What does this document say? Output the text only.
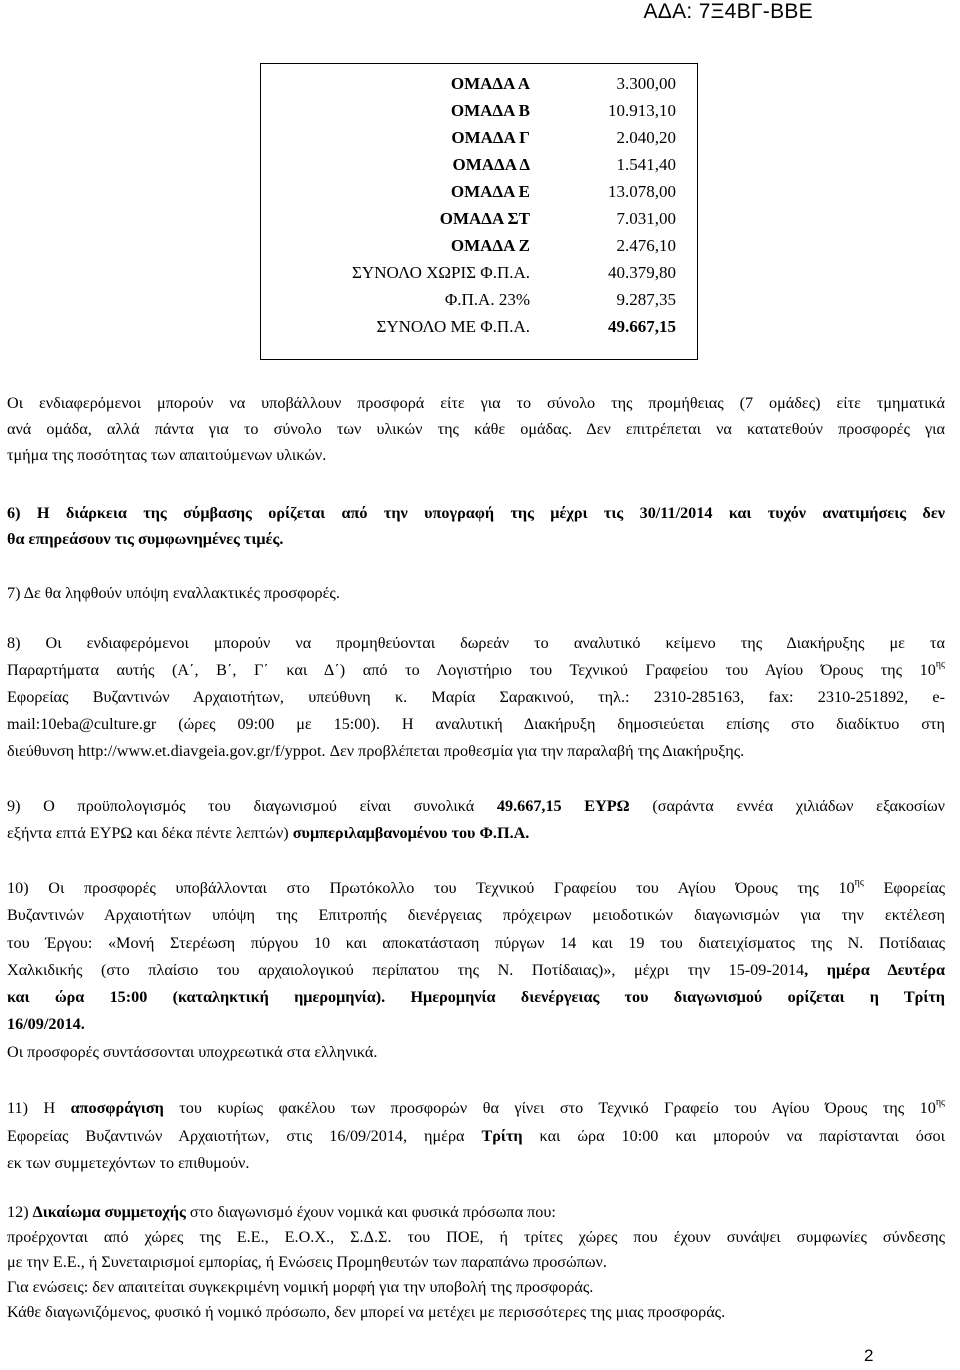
ΑΔΑ: 7Ξ4ΒΓ-ΒΒΕ
ΟΜΑΔΑ Α	3.300,00
ΟΜΑΔΑ Β	10.913,10
ΟΜΑΔΑ Γ	2.040,20
ΟΜΑΔΑ Δ	1.541,40
ΟΜΑΔΑ Ε	13.078,00
ΟΜΑΔΑ ΣΤ	7.031,00
ΟΜΑΔΑ Ζ	2.476,10
ΣΥΝΟΛΟ ΧΩΡΙΣ Φ.Π.Α.	40.379,80
Φ.Π.Α. 23%	9.287,35
ΣΥΝΟΛΟ ΜΕ Φ.Π.Α.	49.667,15
Οι ενδιαφερόμενοι μπορούν να υποβάλλουν προσφορά είτε για το σύνολο της προμήθειας (7 ομάδες) είτε τμηματικά
ανά ομάδα, αλλά πάντα για το σύνολο των υλικών της κάθε ομάδας. Δεν επιτρέπεται να κατατεθούν προσφορές για
τμήμα της ποσότητας των απαιτούμενων υλικών.
6) Η διάρκεια της σύμβασης ορίζεται από την υπογραφή της μέχρι τις 30/11/2014 και τυχόν ανατιμήσεις δεν
θα επηρεάσουν τις συμφωνημένες τιμές.
7) Δε θα ληφθούν υπόψη εναλλακτικές προσφορές.
8) Οι ενδιαφερόμενοι μπορούν να προμηθεύονται δωρεάν το αναλυτικό κείμενο της Διακήρυξης με τα
Παραρτήματα αυτής (Α΄, Β΄, Γ΄ και Δ΄) από το Λογιστήριο του Τεχνικού Γραφείου του Αγίου Όρους της $10^{\eta\varsigma}$
Εφορείας Βυζαντινών Αρχαιοτήτων, υπεύθυνη κ. Μαρία Σαρακινού, τηλ.: 2310-285163, fax: 2310-251892, e-
mail:10eba@culture.gr (ώρες 09:00 με 15:00). Η αναλυτική Διακήρυξη δημοσιεύεται επίσης στο διαδίκτυο στη
διεύθυνση http://www.et.diavgeia.gov.gr/f/yppot. Δεν προβλέπεται προθεσμία για την παραλαβή της Διακήρυξης.
9) Ο προϋπολογισμός του διαγωνισμού είναι συνολικά 49.667,15 ΕΥΡΩ (σαράντα εννέα χιλιάδων εξακοσίων
εξήντα επτά ΕΥΡΩ και δέκα πέντε λεπτών) συμπεριλαμβανομένου του Φ.Π.Α.
10) Οι προσφορές υποβάλλονται στο Πρωτόκολλο του Τεχνικού Γραφείου του Αγίου Όρους της $10^{\eta\varsigma}$ Εφορείας
Βυζαντινών Αρχαιοτήτων υπόψη της Επιτροπής διενέργειας πρόχειρων μειοδοτικών διαγωνισμών για την εκτέλεση
του Έργου: «Μονή Στερέωση πύργου 10 και αποκατάσταση πύργων 14 και 19 του διατειχίσματος της Ν. Ποτίδαιας
Χαλκιδικής (στο πλαίσιο του αρχαιολογικού περίπατου της Ν. Ποτίδαιας)», μέχρι την 15-09-2014, ημέρα Δευτέρα
και ώρα 15:00 (καταληκτική ημερομηνία). Ημερομηνία διενέργειας του διαγωνισμού ορίζεται η Τρίτη
16/09/2014.
Οι προσφορές συντάσσονται υποχρεωτικά στα ελληνικά.
11) Η αποσφράγιση του κυρίως φακέλου των προσφορών θα γίνει στο Τεχνικό Γραφείο του Αγίου Όρους της $10^{\eta\varsigma}$
Εφορείας Βυζαντινών Αρχαιοτήτων, στις 16/09/2014, ημέρα Τρίτη και ώρα 10:00 και μπορούν να παρίστανται όσοι
εκ των συμμετεχόντων το επιθυμούν.
12) Δικαίωμα συμμετοχής στο διαγωνισμό έχουν νομικά και φυσικά πρόσωπα που:
προέρχονται από χώρες της Ε.Ε., Ε.Ο.Χ., Σ.Δ.Σ. του ΠΟΕ, ή τρίτες χώρες που έχουν συνάψει συμφωνίες σύνδεσης
με την Ε.Ε., ή Συνεταιρισμοί εμπορίας, ή Ενώσεις Προμηθευτών των παραπάνω προσώπων.
Για ενώσεις: δεν απαιτείται συγκεκριμένη νομική μορφή για την υποβολή της προσφοράς.
Κάθε διαγωνιζόμενος, φυσικό ή νομικό πρόσωπο, δεν μπορεί να μετέχει με περισσότερες της μιας προσφοράς.
2
